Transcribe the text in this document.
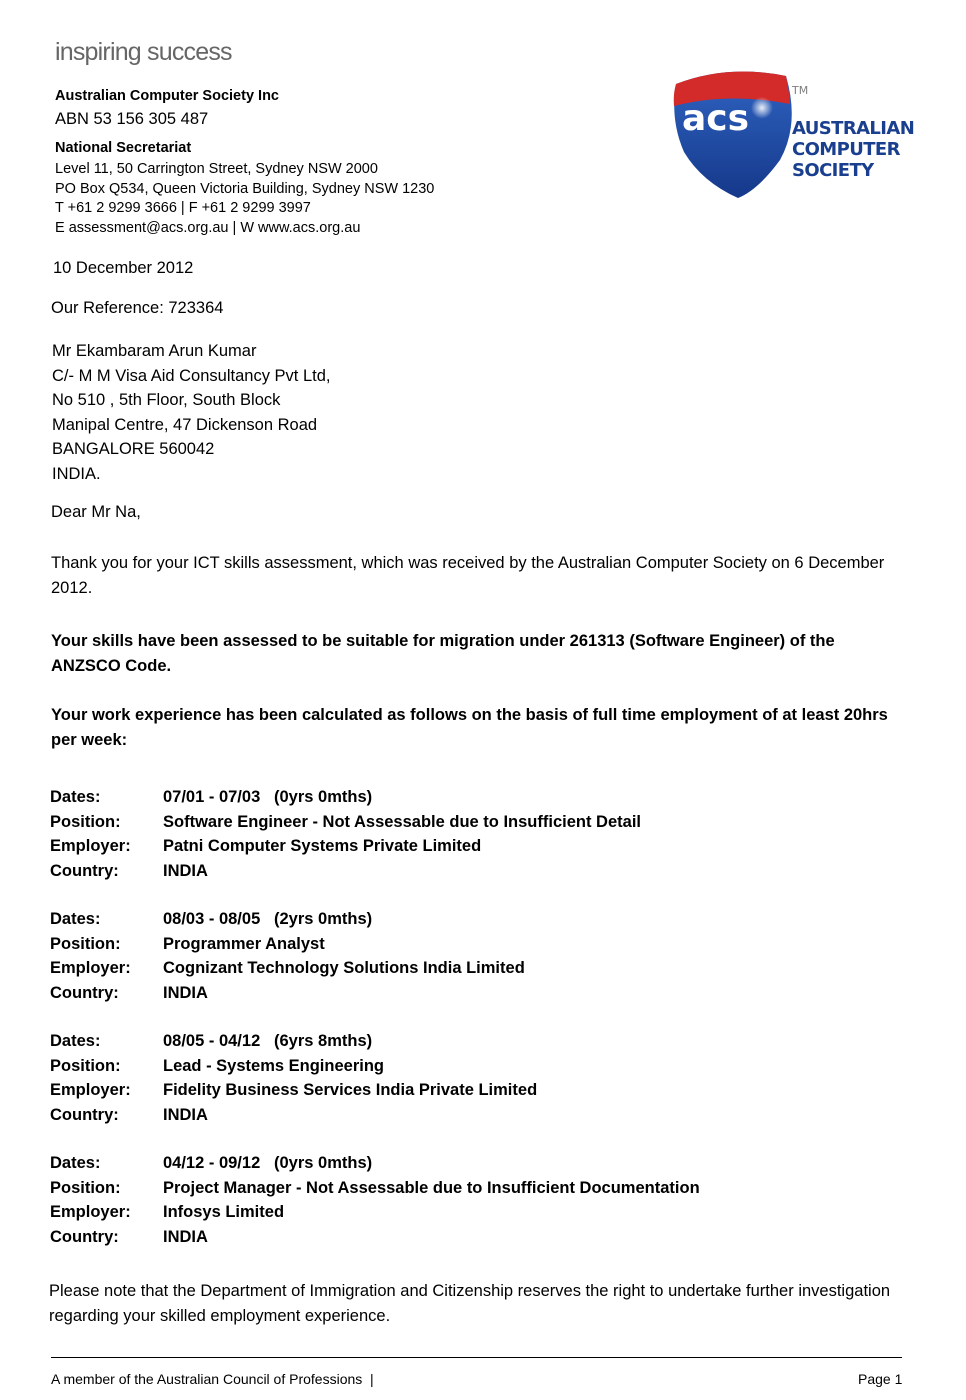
inspiring success
Australian Computer Society Inc
ABN 53 156 305 487
National Secretariat
Level 11, 50 Carrington Street, Sydney NSW 2000
PO Box Q534, Queen Victoria Building, Sydney NSW 1230
T +61 2 9299 3666 | F +61 2 9299 3997
E assessment@acs.org.au | W www.acs.org.au
acs
TM
AUSTRALIAN
COMPUTER
SOCIETY
10 December 2012
Our Reference: 723364
Mr Ekambaram Arun Kumar
C/- M M Visa Aid Consultancy Pvt Ltd,
No 510 , 5th Floor, South Block
Manipal Centre, 47 Dickenson Road
BANGALORE 560042
INDIA.
Dear Mr Na,
Thank you for your ICT skills assessment, which was received by the Australian Computer Society on 6 December 2012.
Your skills have been assessed to be suitable for migration under 261313 (Software Engineer) of the ANZSCO Code.
Your work experience has been calculated as follows on the basis of full time employment of at least 20hrs per week:
Dates:	07/01 - 07/03   (0yrs 0mths)
Position:	Software Engineer - Not Assessable due to Insufficient Detail
Employer:	Patni Computer Systems Private Limited
Country:	INDIA
Dates:	08/03 - 08/05   (2yrs 0mths)
Position:	Programmer Analyst
Employer:	Cognizant Technology Solutions India Limited
Country:	INDIA
Dates:	08/05 - 04/12   (6yrs 8mths)
Position:	Lead - Systems Engineering
Employer:	Fidelity Business Services India Private Limited
Country:	INDIA
Dates:	04/12 - 09/12   (0yrs 0mths)
Position:	Project Manager - Not Assessable due to Insufficient Documentation
Employer:	Infosys Limited
Country:	INDIA
Please note that the Department of Immigration and Citizenship reserves the right to undertake further investigation regarding your skilled employment experience.
A member of the Australian Council of Professions  |	Page 1
